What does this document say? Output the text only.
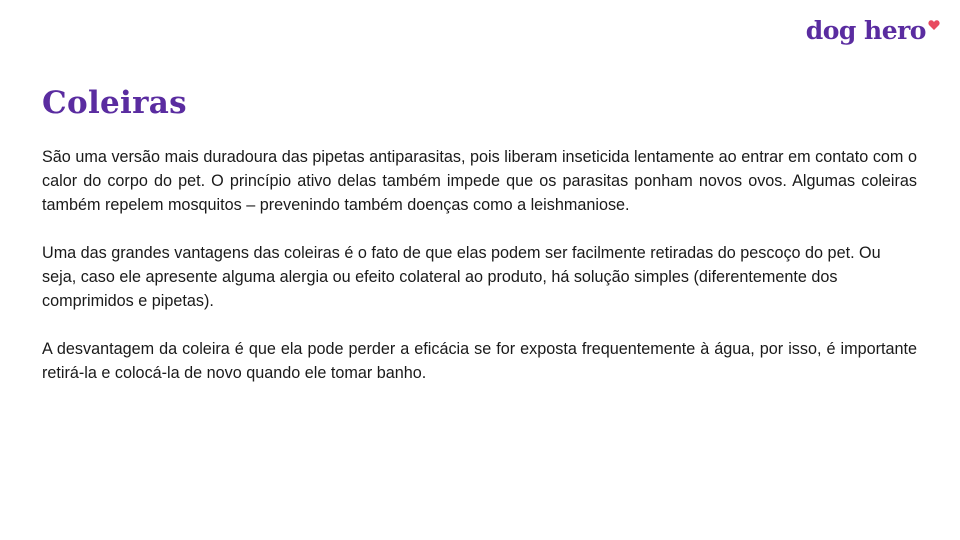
dog hero
Coleiras

São uma versão mais duradoura das pipetas antiparasitas, pois liberam inseticida lentamente ao entrar em contato com o calor do corpo do pet. O princípio ativo delas também impede que os parasitas ponham novos ovos. Algumas coleiras também repelem mosquitos – prevenindo também doenças como a leishmaniose.

Uma das grandes vantagens das coleiras é o fato de que elas podem ser facilmente retiradas do pescoço do pet. Ou seja, caso ele apresente alguma alergia ou efeito colateral ao produto, há solução simples (diferentemente dos comprimidos e pipetas).

A desvantagem da coleira é que ela pode perder a eficácia se for exposta frequentemente à água, por isso, é importante retirá-la e colocá-la de novo quando ele tomar banho.
